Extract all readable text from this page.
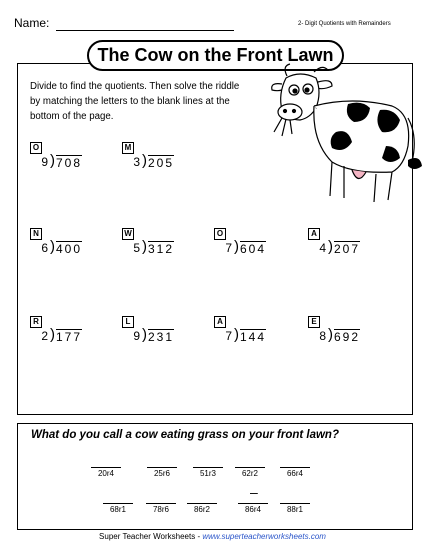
Name:	2- Digit Quotients with Remainders
The Cow on the Front Lawn
Divide to find the quotients. Then solve the riddle by matching the letters to the blank lines at the bottom of the page.
O
9 ) 708
M
3 ) 205
N
6 ) 400
W
5 ) 312
O
7 ) 604
A
4 ) 207
R
2 ) 177
L
9 ) 231
A
7 ) 144
E
8 ) 692
What do you call a cow eating grass on your front lawn?
20r4	25r6	51r3	62r2	66r4
68r1	78r6	86r2
–
86r4	88r1
Super Teacher Worksheets - www.superteacherworksheets.com
